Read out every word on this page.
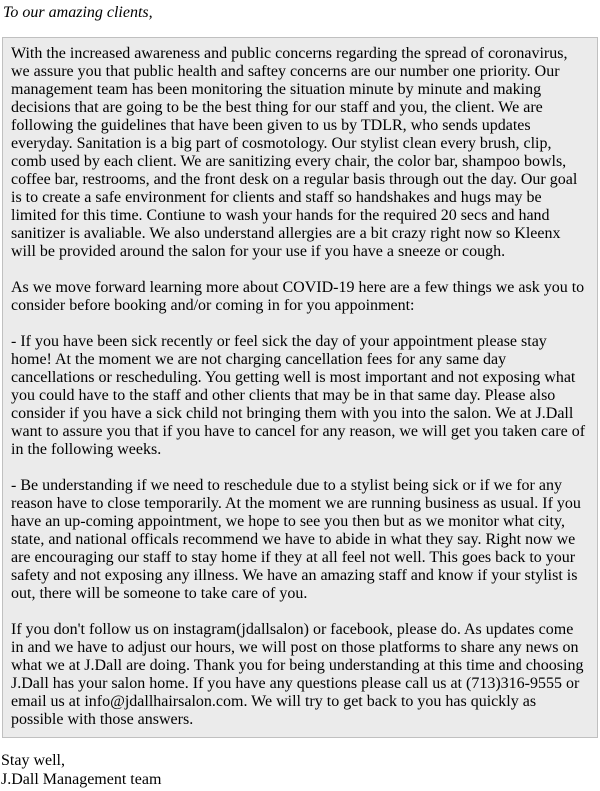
To our amazing clients,

With the increased awareness and public concerns regarding the spread of coronavirus, we assure you that public health and saftey concerns are our number one priority. Our management team has been monitoring the situation minute by minute and making decisions that are going to be the best thing for our staff and you, the client. We are following the guidelines that have been given to us by TDLR, who sends updates everyday. Sanitation is a big part of cosmotology. Our stylist clean every brush, clip, comb used by each client. We are sanitizing every chair, the color bar, shampoo bowls, coffee bar, restrooms, and the front desk on a regular basis through out the day. Our goal is to create a safe environment for clients and staff so handshakes and hugs may be limited for this time. Contiune to wash your hands for the required 20 secs and hand sanitizer is avaliable. We also understand allergies are a bit crazy right now so Kleenx will be provided around the salon for your use if you have a sneeze or cough.

As we move forward learning more about COVID-19 here are a few things we ask you to consider before booking and/or coming in for you appoinment:

- If you have been sick recently or feel sick the day of your appointment please stay home! At the moment we are not charging cancellation fees for any same day cancellations or rescheduling. You getting well is most important and not exposing what you could have to the staff and other clients that may be in that same day. Please also consider if you have a sick child not bringing them with you into the salon. We at J.Dall want to assure you that if you have to cancel for any reason, we will get you taken care of in the following weeks.

- Be understanding if we need to reschedule due to a stylist being sick or if we for any reason have to close temporarily. At the moment we are running business as usual. If you have an up-coming appointment, we hope to see you then but as we monitor what city, state, and national officals recommend we have to abide in what they say. Right now we are encouraging our staff to stay home if they at all feel not well. This goes back to your safety and not exposing any illness. We have an amazing staff and know if your stylist is out, there will be someone to take care of you.

If you don't follow us on instagram(jdallsalon) or facebook, please do. As updates come in and we have to adjust our hours, we will post on those platforms to share any news on what we at J.Dall are doing. Thank you for being understanding at this time and choosing J.Dall has your salon home. If you have any questions please call us at (713)316-9555 or email us at info@jdallhairsalon.com. We will try to get back to you has quickly as possible with those answers.

Stay well,

J.Dall Management team
